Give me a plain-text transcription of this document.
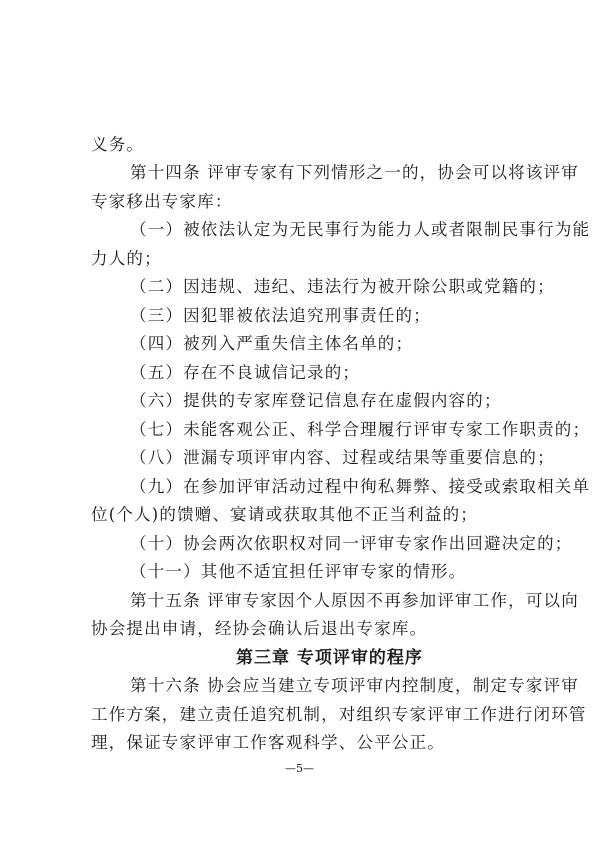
义务。
第十四条 评审专家有下列情形之一的，协会可以将该评审
专家移出专家库：
（一）被依法认定为无民事行为能力人或者限制民事行为能
力人的；
（二）因违规、违纪、违法行为被开除公职或党籍的；
（三）因犯罪被依法追究刑事责任的；
（四）被列入严重失信主体名单的；
（五）存在不良诚信记录的；
（六）提供的专家库登记信息存在虚假内容的；
（七）未能客观公正、科学合理履行评审专家工作职责的；
（八）泄漏专项评审内容、过程或结果等重要信息的；
（九）在参加评审活动过程中徇私舞弊、接受或索取相关单
位(个人)的馈赠、宴请或获取其他不正当利益的；
（十）协会两次依职权对同一评审专家作出回避决定的；
（十一）其他不适宜担任评审专家的情形。
第十五条 评审专家因个人原因不再参加评审工作，可以向
协会提出申请，经协会确认后退出专家库。
第三章 专项评审的程序
第十六条 协会应当建立专项评审内控制度，制定专家评审
工作方案，建立责任追究机制，对组织专家评审工作进行闭环管
理，保证专家评审工作客观科学、公平公正。
—5—
